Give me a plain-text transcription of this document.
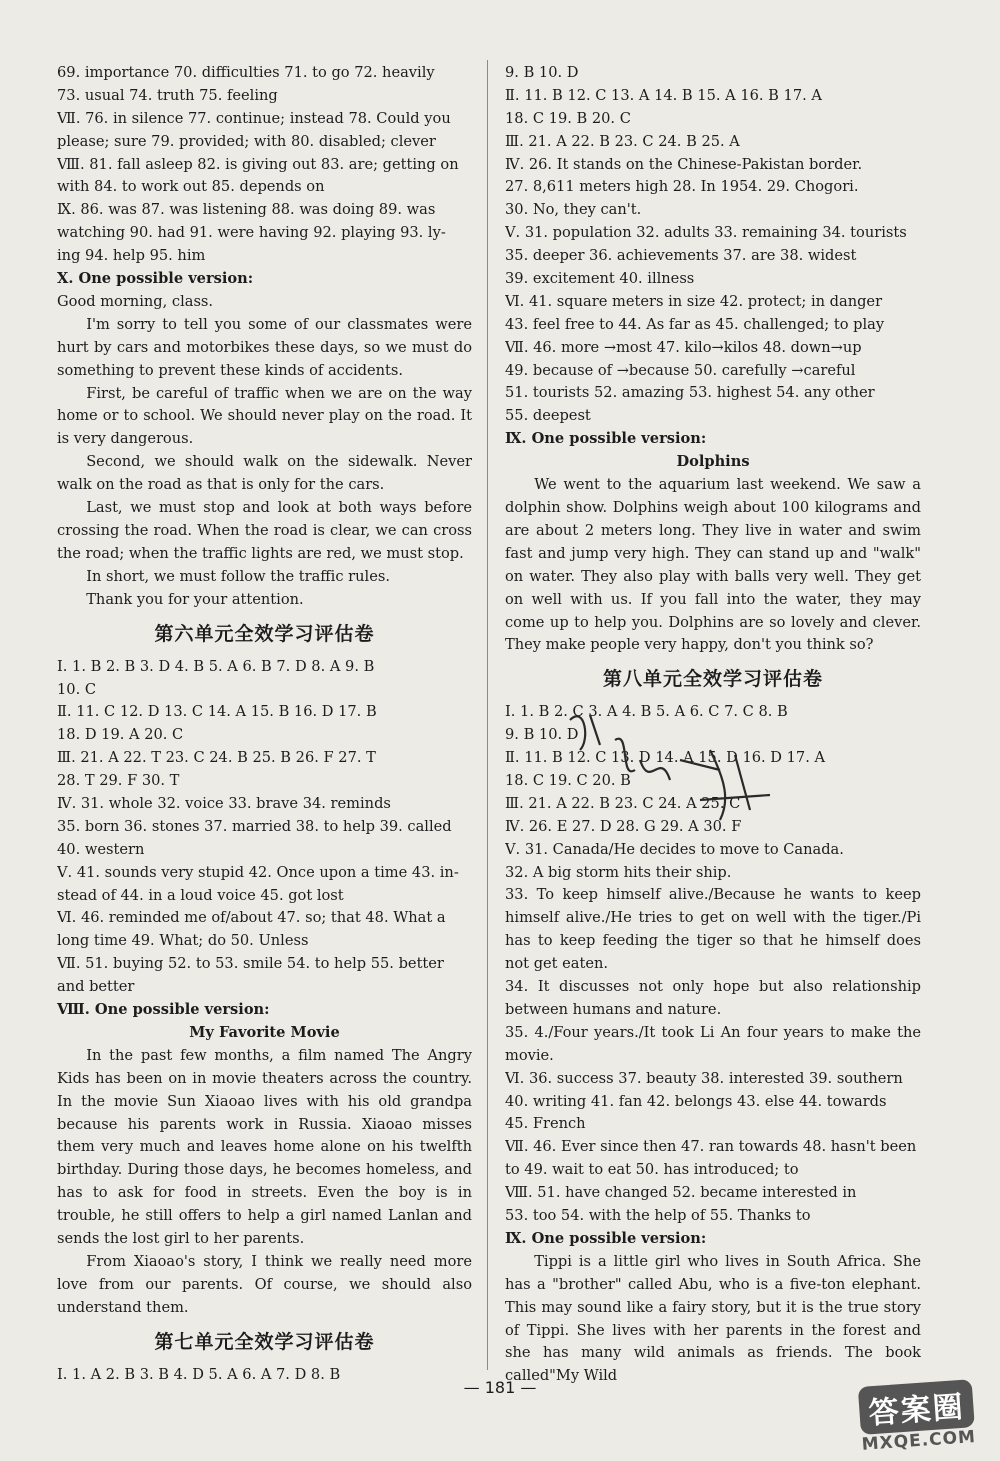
69. importance 70. difficulties 71. to go 72. heavily
73. usual 74. truth 75. feeling
Ⅶ. 76. in silence 77. continue; instead 78. Could you
please; sure 79. provided; with 80. disabled; clever
Ⅷ. 81. fall asleep 82. is giving out 83. are; getting on
with 84. to work out 85. depends on
Ⅸ. 86. was 87. was listening 88. was doing 89. was
watching 90. had 91. were having 92. playing 93. ly-
ing 94. help 95. him
Ⅹ. One possible version:
Good morning, class.
I'm sorry to tell you some of our classmates were hurt by cars and motorbikes these days, so we must do something to prevent these kinds of accidents.
First, be careful of traffic when we are on the way home or to school. We should never play on the road. It is very dangerous.
Second, we should walk on the sidewalk. Never walk on the road as that is only for the cars.
Last, we must stop and look at both ways before crossing the road. When the road is clear, we can cross the road; when the traffic lights are red, we must stop.
In short, we must follow the traffic rules.
Thank you for your attention.
第六单元全效学习评估卷
Ⅰ. 1. B 2. B 3. D 4. B 5. A 6. B 7. D 8. A 9. B
10. C
Ⅱ. 11. C 12. D 13. C 14. A 15. B 16. D 17. B
18. D 19. A 20. C
Ⅲ. 21. A 22. T 23. C 24. B 25. B 26. F 27. T
28. T 29. F 30. T
Ⅳ. 31. whole 32. voice 33. brave 34. reminds
35. born 36. stones 37. married 38. to help 39. called
40. western
Ⅴ. 41. sounds very stupid 42. Once upon a time 43. in-
stead of 44. in a loud voice 45. got lost
Ⅵ. 46. reminded me of/about 47. so; that 48. What a
long time 49. What; do 50. Unless
Ⅶ. 51. buying 52. to 53. smile 54. to help 55. better
and better
Ⅷ. One possible version:
My Favorite Movie
In the past few months, a film named The Angry Kids has been on in movie theaters across the country. In the movie Sun Xiaoao lives with his old grandpa because his parents work in Russia. Xiaoao misses them very much and leaves home alone on his twelfth birthday. During those days, he becomes homeless, and has to ask for food in streets. Even the boy is in trouble, he still offers to help a girl named Lanlan and sends the lost girl to her parents.
From Xiaoao's story, I think we really need more love from our parents. Of course, we should also understand them.
第七单元全效学习评估卷
Ⅰ. 1. A 2. B 3. B 4. D 5. A 6. A 7. D 8. B
9. B 10. D
Ⅱ. 11. B 12. C 13. A 14. B 15. A 16. B 17. A
18. C 19. B 20. C
Ⅲ. 21. A 22. B 23. C 24. B 25. A
Ⅳ. 26. It stands on the Chinese-Pakistan border.
27. 8,611 meters high 28. In 1954. 29. Chogori.
30. No, they can't.
Ⅴ. 31. population 32. adults 33. remaining 34. tourists
35. deeper 36. achievements 37. are 38. widest
39. excitement 40. illness
Ⅵ. 41. square meters in size 42. protect; in danger
43. feel free to 44. As far as 45. challenged; to play
Ⅶ. 46. more →most 47. kilo→kilos 48. down→up
49. because of →because 50. carefully →careful
51. tourists 52. amazing 53. highest 54. any other
55. deepest
Ⅸ. One possible version:
Dolphins
We went to the aquarium last weekend. We saw a dolphin show. Dolphins weigh about 100 kilograms and are about 2 meters long. They live in water and swim fast and jump very high. They can stand up and "walk" on water. They also play with balls very well. They get on well with us. If you fall into the water, they may come up to help you. Dolphins are so lovely and clever. They make people very happy, don't you think so?
第八单元全效学习评估卷
Ⅰ. 1. B 2. C 3. A 4. B 5. A 6. C 7. C 8. B
9. B 10. D
Ⅱ. 11. B 12. C 13. D 14. A 15. D 16. D 17. A
18. C 19. C 20. B
Ⅲ. 21. A 22. B 23. C 24. A 25. C
Ⅳ. 26. E 27. D 28. G 29. A 30. F
Ⅴ. 31. Canada/He decides to move to Canada.
32. A big storm hits their ship.
33. To keep himself alive./Because he wants to keep himself alive./He tries to get on well with the tiger./Pi has to keep feeding the tiger so that he himself does not get eaten.
34. It discusses not only hope but also relationship between humans and nature.
35. 4./Four years./It took Li An four years to make the movie.
Ⅵ. 36. success 37. beauty 38. interested 39. southern
40. writing 41. fan 42. belongs 43. else 44. towards
45. French
Ⅶ. 46. Ever since then 47. ran towards 48. hasn't been
to 49. wait to eat 50. has introduced; to
Ⅷ. 51. have changed 52. became interested in
53. too 54. with the help of 55. Thanks to
Ⅸ. One possible version:
Tippi is a little girl who lives in South Africa. She has a "brother" called Abu, who is a five-ton elephant. This may sound like a fairy story, but it is the true story of Tippi. She lives with her parents in the forest and she has many wild animals as friends. The book called"My Wild
— 181 —
答案圈
MXQE.COM
